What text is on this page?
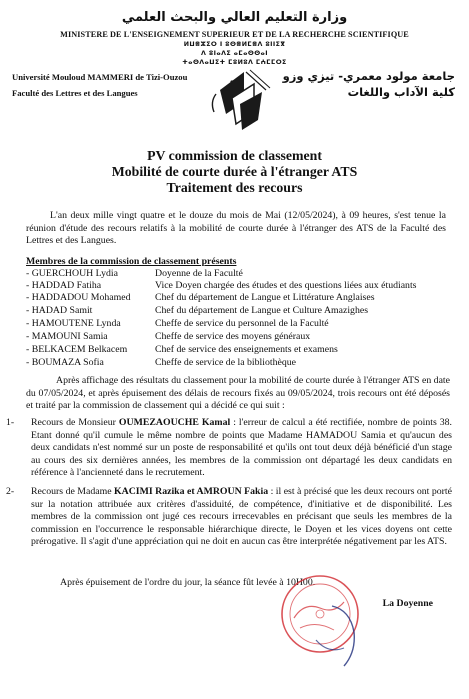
وزارة التعليم العالي والبحث العلمي
MINISTERE DE L'ENSEIGNEMENT SUPERIEUR ET DE LA RECHERCHE SCIENTIFIQUE
ⵍⵡⴻⵣⵉⵔ ⵏ ⵓⵙⴻⵍⵎⴻⴷ ⵓⵏⵏⵉⴳ
ⴷ ⵓⵏⴰⴷⵉ ⴰⵎⴰⵙⵙⴰⵏ
ⵜⴰⵙⴷⴰⵡⵉⵜ ⵎⵓⵍⵓⴷ ⵎⵄⵎⵎⵔⵉ
Université Mouloud MAMMERI de Tizi-Ouzou
Faculté des Lettres et des Langues
جامعة مولود معمري- تيزي وزو
كلية الآداب واللغات
PV commission de classement
Mobilité de courte durée à l'étranger ATS
Traitement des recours
L'an deux mille vingt quatre et le douze du mois de Mai (12/05/2024), à 09 heures, s'est tenue la réunion d'étude des recours relatifs à la mobilité de courte durée à l'étranger des ATS de la Faculté des Lettres et des Langues.
Membres de la commission de classement présents
- GUERCHOUH Lydia	Doyenne de la Faculté
- HADDAD Fatiha	Vice Doyen chargée des études et des questions liées aux étudiants
- HADDADOU Mohamed	Chef du département de Langue et Littérature Anglaises
- HADAD Samit	Chef du département de Langue et Culture Amazighes
- HAMOUTENE Lynda	Cheffe de service du personnel de la Faculté
- MAMOUNI Samia	Cheffe de service des moyens généraux
- BELKACEM Belkacem	Chef de service des enseignements et examens
- BOUMAZA Sofia	Cheffe de service de la bibliothèque
Après affichage des résultats du classement pour la mobilité de courte durée à l'étranger ATS en date du 07/05/2024, et après épuisement des délais de recours fixés au 09/05/2024, trois recours ont été déposés et traité par la commission de classement qui a décidé ce qui suit :
1- Recours de Monsieur OUMEZAOUCHE Kamal : l'erreur de calcul a été rectifiée, nombre de points 38. Etant donné qu'il cumule le même nombre de points que Madame HAMADOU Samia et qu'aucun des deux candidats n'est nommé sur un poste de responsabilité et qu'ils ont tout deux déjà bénéficié d'un stage au cours des six dernières années, les membres de la commission ont départagé les deux candidats en référence à l'ancienneté dans le recrutement.
2- Recours de Madame KACIMI Razika et AMROUN Fakia : il est à précisé que les deux recours ont porté sur la notation attribuée aux critères d'assiduité, de compétence, d'initiative et de disponibilité. Les membres de la commission ont jugé ces recours irrecevables en précisant que seuls les membres de la commission en l'occurrence le responsable hiérarchique directe, le Doyen et les vices doyens ont cette prérogative. Il s'agit d'une appréciation qui ne doit en aucun cas être interprétée négativement par les ATS.
Après épuisement de l'ordre du jour, la séance fût levée à 10H00.
La Doyenne
